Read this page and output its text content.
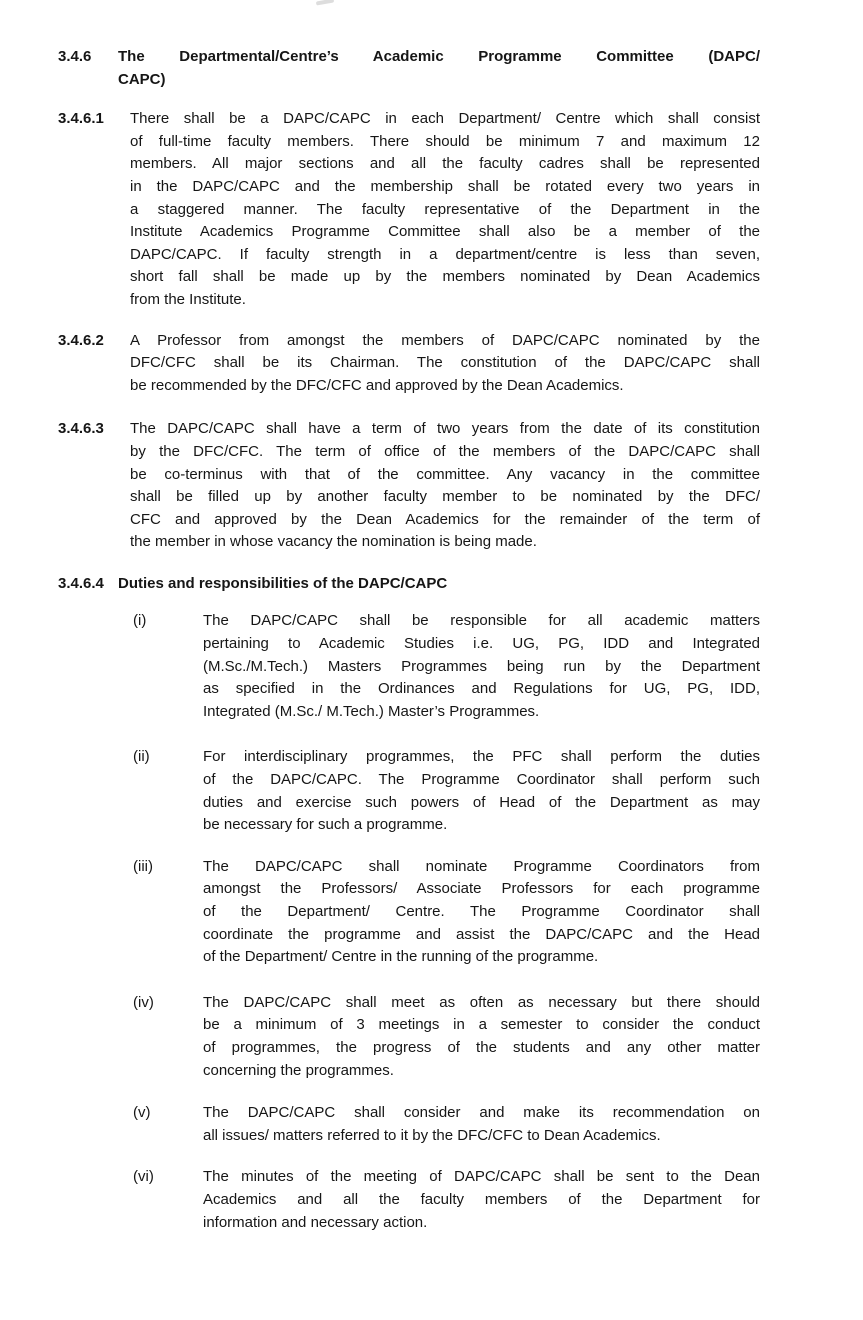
3.4.6	The Departmental/Centre’s Academic Programme Committee (DAPC/
CAPC)
3.4.6.1	There shall be a DAPC/CAPC in each Department/ Centre which shall consist
of full-time faculty members. There should be minimum 7 and maximum 12
members. All major sections and all the faculty cadres shall be represented
in the DAPC/CAPC and the membership shall be rotated every two years in
a staggered manner. The faculty representative of the Department in the
Institute Academics Programme Committee shall also be a member of the
DAPC/CAPC. If faculty strength in a department/centre is less than seven,
short fall shall be made up by the members nominated by Dean Academics
from the Institute.
3.4.6.2	A Professor from amongst the members of DAPC/CAPC nominated by the
DFC/CFC shall be its Chairman. The constitution of the DAPC/CAPC shall
be recommended by the DFC/CFC and approved by the Dean Academics.
3.4.6.3	The DAPC/CAPC shall have a term of two years from the date of its constitution
by the DFC/CFC. The term of office of the members of the DAPC/CAPC shall
be co-terminus with that of the committee. Any vacancy in the committee
shall be filled up by another faculty member to be nominated by the DFC/
CFC and approved by the Dean Academics for the remainder of the term of
the member in whose vacancy the nomination is being made.
3.4.6.4 Duties and responsibilities of the DAPC/CAPC
(i)	The DAPC/CAPC shall be responsible for all academic matters
pertaining to Academic Studies i.e. UG, PG, IDD and Integrated
(M.Sc./M.Tech.) Masters Programmes being run by the Department
as specified in the Ordinances and Regulations for UG, PG, IDD,
Integrated (M.Sc./ M.Tech.) Master’s Programmes.
(ii)	For interdisciplinary programmes, the PFC shall perform the duties
of the DAPC/CAPC. The Programme Coordinator shall perform such
duties and exercise such powers of Head of the Department as may
be necessary for such a programme.
(iii)	The DAPC/CAPC shall nominate Programme Coordinators from
amongst the Professors/ Associate Professors for each programme
of the Department/ Centre. The Programme Coordinator shall
coordinate the programme and assist the DAPC/CAPC and the Head
of the Department/ Centre in the running of the programme.
(iv)	The DAPC/CAPC shall meet as often as necessary but there should
be a minimum of 3 meetings in a semester to consider the conduct
of programmes, the progress of the students and any other matter
concerning the programmes.
(v)	The DAPC/CAPC shall consider and make its recommendation on
all issues/ matters referred to it by the DFC/CFC to Dean Academics.
(vi)	The minutes of the meeting of DAPC/CAPC shall be sent to the Dean
Academics and all the faculty members of the Department for
information and necessary action.
